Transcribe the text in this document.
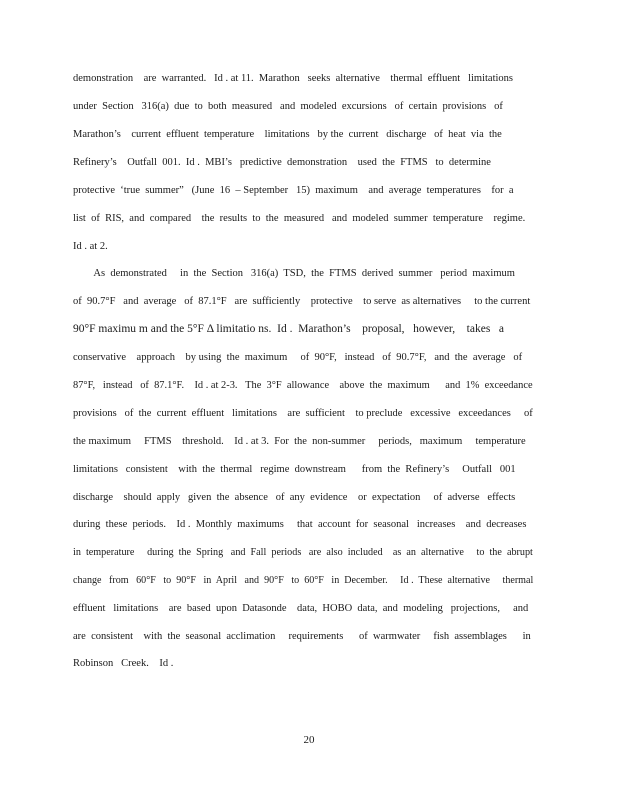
demonstration    are  warranted.   Id . at 11.  Marathon   seeks  alternative    thermal  effluent   limitations
under  Section   316(a)  due  to  both  measured   and  modeled  excursions   of  certain  provisions   of
Marathon’s    current  effluent  temperature    limitations   by the  current   discharge   of  heat  via  the
Refinery’s    Outfall  001.  Id .  MBI’s   predictive  demonstration    used  the  FTMS   to  determine
protective  ‘true  summer”   (June  16  – September   15)  maximum    and  average  temperatures    for  a
list  of  RIS,  and  compared    the  results  to  the  measured   and  modeled  summer  temperature    regime.
Id . at 2.
As  demonstrated     in  the  Section   316(a)  TSD,  the  FTMS  derived  summer   period  maximum
of  90.7°F   and  average   of  87.1°F   are  sufficiently    protective    to serve  as alternatives     to the current
90°F maximu m and the 5°F Δ limitatio ns.  Id .  Marathon’s    proposal,   however,    takes   a
conservative    approach    by using  the  maximum     of  90°F,   instead   of  90.7°F,   and  the  average   of
87°F,   instead   of  87.1°F.    Id . at 2-3.   The  3°F  allowance    above  the  maximum      and  1%  exceedance
provisions   of  the  current  effluent   limitations    are  sufficient    to preclude   excessive   exceedances     of
the maximum     FTMS    threshold.    Id . at 3.  For  the  non-summer     periods,   maximum     temperature
limitations   consistent    with  the  thermal   regime  downstream      from  the  Refinery’s     Outfall   001
discharge    should  apply   given  the  absence   of  any  evidence    or  expectation     of  adverse   effects
during  these  periods.    Id .  Monthly  maximums     that  account  for  seasonal   increases    and  decreases
in  temperature     during  the  Spring   and  Fall  periods   are  also  included    as  an  alternative     to  the  abrupt
change   from   60°F   to  90°F   in  April   and  90°F   to  60°F   in  December.     Id .  These  alternative     thermal
effluent   limitations    are  based  upon  Datasonde    data,  HOBO  data,  and  modeling   projections,     and
are  consistent    with  the  seasonal  acclimation     requirements      of  warmwater     fish  assemblages      in
Robinson   Creek.    Id .
20
